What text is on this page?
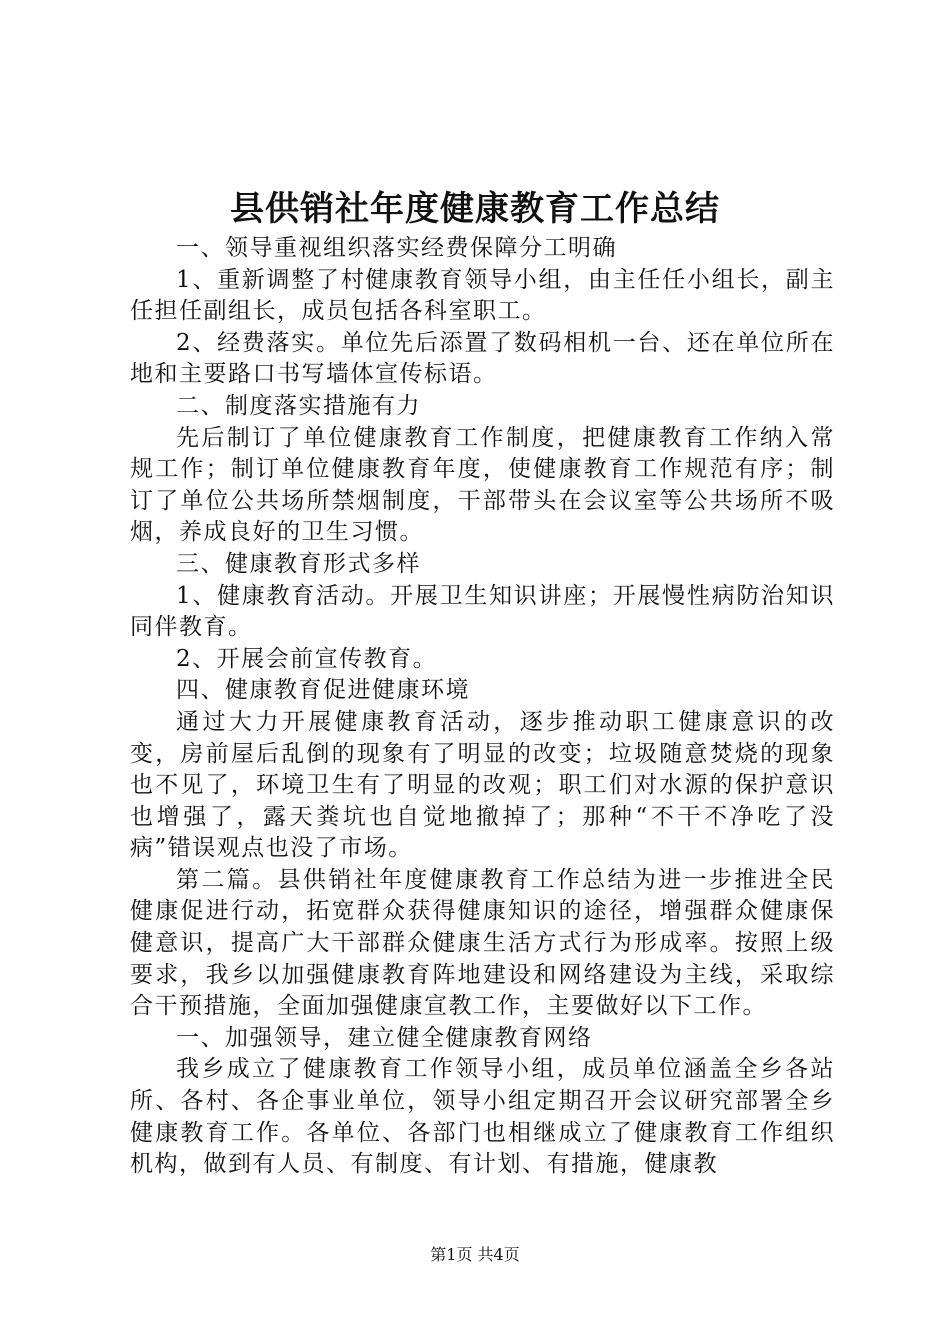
县供销社年度健康教育工作总结

一、领导重视组织落实经费保障分工明确

1、重新调整了村健康教育领导小组，由主任任小组长，副主任担任副组长，成员包括各科室职工。

2、经费落实。单位先后添置了数码相机一台、还在单位所在地和主要路口书写墙体宣传标语。

二、制度落实措施有力

先后制订了单位健康教育工作制度，把健康教育工作纳入常规工作；制订单位健康教育年度，使健康教育工作规范有序；制订了单位公共场所禁烟制度，干部带头在会议室等公共场所不吸烟，养成良好的卫生习惯。

三、健康教育形式多样

1、健康教育活动。开展卫生知识讲座；开展慢性病防治知识同伴教育。

2、开展会前宣传教育。

四、健康教育促进健康环境

通过大力开展健康教育活动，逐步推动职工健康意识的改变，房前屋后乱倒的现象有了明显的改变；垃圾随意焚烧的现象也不见了，环境卫生有了明显的改观；职工们对水源的保护意识也增强了，露天粪坑也自觉地撤掉了；那种“不干不净吃了没病”错误观点也没了市场。

第二篇。县供销社年度健康教育工作总结为进一步推进全民健康促进行动，拓宽群众获得健康知识的途径，增强群众健康保健意识，提高广大干部群众健康生活方式行为形成率。按照上级要求，我乡以加强健康教育阵地建设和网络建设为主线，采取综合干预措施，全面加强健康宣教工作，主要做好以下工作。

一、加强领导，建立健全健康教育网络

我乡成立了健康教育工作领导小组，成员单位涵盖全乡各站所、各村、各企事业单位，领导小组定期召开会议研究部署全乡健康教育工作。各单位、各部门也相继成立了健康教育工作组织机构，做到有人员、有制度、有计划、有措施，健康教

第1页 共4页
